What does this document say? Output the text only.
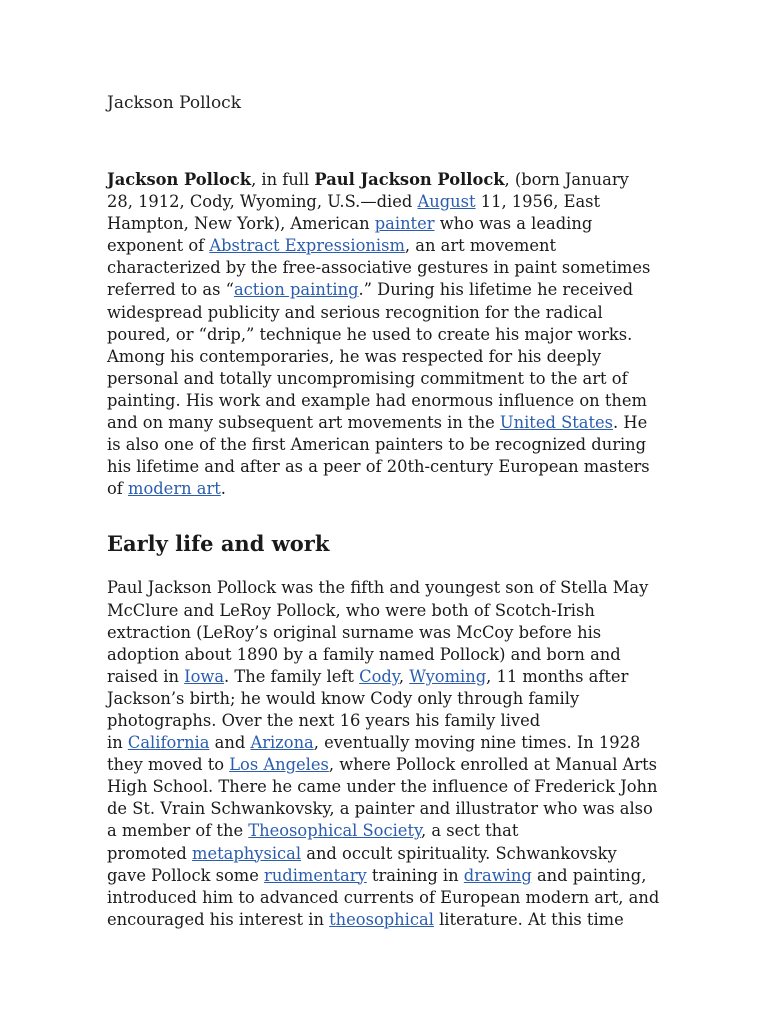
Jackson Pollock
Jackson Pollock, in full Paul Jackson Pollock, (born January
28, 1912, Cody, Wyoming, U.S.—died August 11, 1956, East
Hampton, New York), American painter who was a leading
exponent of Abstract Expressionism, an art movement
characterized by the free-associative gestures in paint sometimes
referred to as “action painting.” During his lifetime he received
widespread publicity and serious recognition for the radical
poured, or “drip,” technique he used to create his major works.
Among his contemporaries, he was respected for his deeply
personal and totally uncompromising commitment to the art of
painting. His work and example had enormous influence on them
and on many subsequent art movements in the United States. He
is also one of the first American painters to be recognized during
his lifetime and after as a peer of 20th-century European masters
of modern art.
Early life and work
Paul Jackson Pollock was the fifth and youngest son of Stella May
McClure and LeRoy Pollock, who were both of Scotch-Irish
extraction (LeRoy’s original surname was McCoy before his
adoption about 1890 by a family named Pollock) and born and
raised in Iowa. The family left Cody, Wyoming, 11 months after
Jackson’s birth; he would know Cody only through family
photographs. Over the next 16 years his family lived
in California and Arizona, eventually moving nine times. In 1928
they moved to Los Angeles, where Pollock enrolled at Manual Arts
High School. There he came under the influence of Frederick John
de St. Vrain Schwankovsky, a painter and illustrator who was also
a member of the Theosophical Society, a sect that
promoted metaphysical and occult spirituality. Schwankovsky
gave Pollock some rudimentary training in drawing and painting,
introduced him to advanced currents of European modern art, and
encouraged his interest in theosophical literature. At this time
